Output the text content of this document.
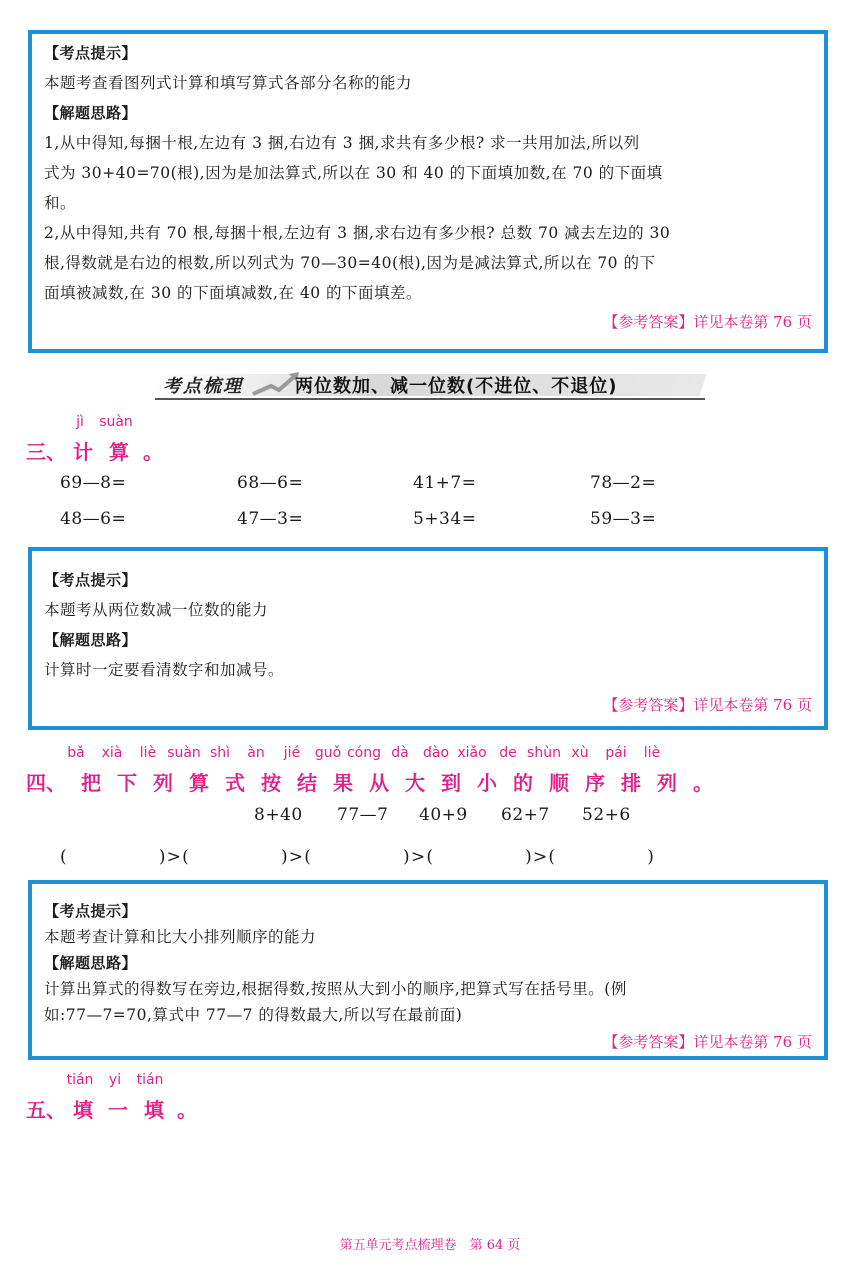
【考点提示】
本题考查看图列式计算和填写算式各部分名称的能力
【解题思路】
1,从中得知,每捆十根,左边有 3 捆,右边有 3 捆,求共有多少根? 求一共用加法,所以列
式为 30+40=70(根),因为是加法算式,所以在 30 和 40 的下面填加数,在 70 的下面填
和。
2,从中得知,共有 70 根,每捆十根,左边有 3 捆,求右边有多少根? 总数 70 减去左边的 30
根,得数就是右边的根数,所以列式为 70—30=40(根),因为是减法算式,所以在 70 的下
面填被减数,在 30 的下面填减数,在 40 的下面填差。
【参考答案】详见本卷第 76 页
考点梳理	两位数加、减一位数(不进位、不退位)
jì suàn
三、 计 算 。
69—8=	68—6=	41+7=	78—2=
48—6=	47—3=	5+34=	59—3=
【考点提示】
本题考从两位数减一位数的能力
【解题思路】
计算时一定要看清数字和加减号。
【参考答案】详见本卷第 76 页
bǎ xià liè suàn shì àn jié guǒ cóng dà dào xiǎo de shùn xù pái liè
四、 把 下 列 算 式 按 结 果 从 大 到 小 的 顺 序 排 列 。
8+40 77—7 40+9 62+7 52+6
(　　　　　)>(　　　　　)>(　　　　　)>(　　　　　)>(　　　　　)
【考点提示】
本题考查计算和比大小排列顺序的能力
【解题思路】
计算出算式的得数写在旁边,根据得数,按照从大到小的顺序,把算式写在括号里。(例
如:77—7=70,算式中 77—7 的得数最大,所以写在最前面)
【参考答案】详见本卷第 76 页
tián yi tián
五、 填 一 填 。
第五单元考点梳理卷　第 64 页
